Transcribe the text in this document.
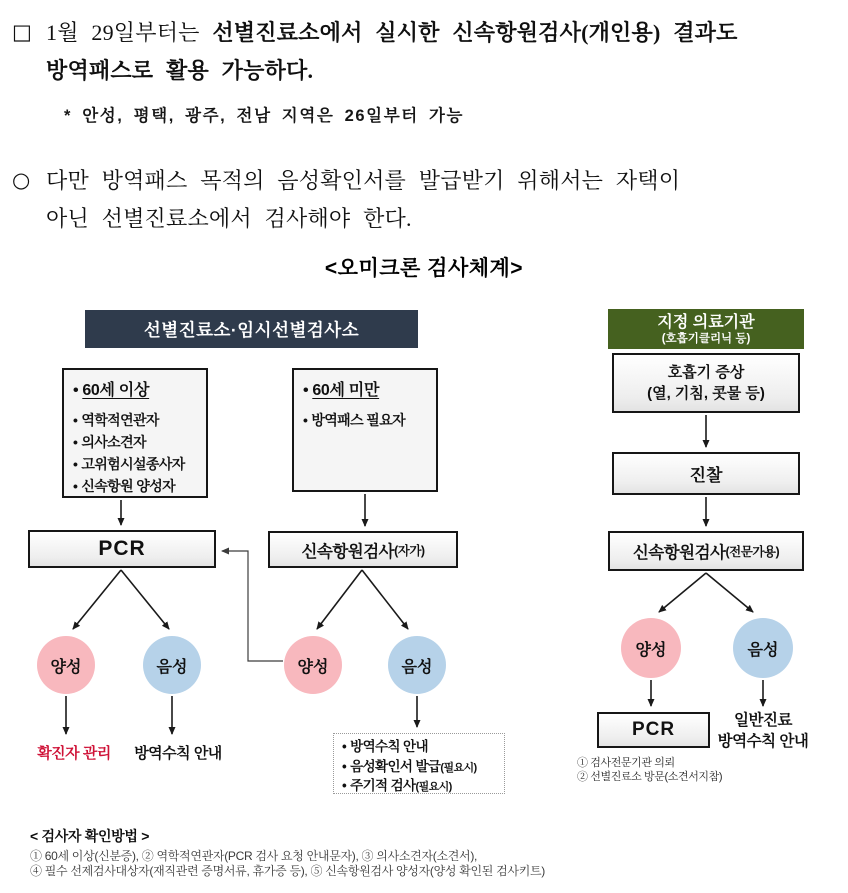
□ 1월 29일부터는 선별진료소에서 실시한 신속항원검사(개인용) 결과도
방역패스로 활용 가능하다.
* 안성, 평택, 광주, 전남 지역은 26일부터 가능
○ 다만 방역패스 목적의 음성확인서를 발급받기 위해서는 자택이
아닌 선별진료소에서 검사해야 한다.
<오미크론 검사체계>
선별진료소·임시선별검사소	지정 의료기관
(호흡기클리닉 등)
• 60세 이상
• 역학적연관자
• 의사소견자
• 고위험시설종사자
• 신속항원 양성자
• 60세 미만
• 방역패스 필요자
PCR	신속항원검사 (자가)
호흡기 증상
(열, 기침, 콧물 등)
진찰
신속항원검사 (전문가용)
양성	음성	양성	음성
양성	음성
확진자 관리	방역수칙 안내	• 방역수칙 안내
• 음성확인서 발급(필요시)
• 주기적 검사(필요시)
PCR	일반진료
방역수칙 안내
① 검사전문기관 의뢰
② 선별진료소 방문(소견서지참)
< 검사자 확인방법 >
① 60세 이상(신분증), ② 역학적연관자(PCR 검사 요청 안내문자), ③ 의사소견자(소견서),
④ 필수 선제검사대상자(재직관련 증명서류, 휴가증 등), ⑤ 신속항원검사 양성자(양성 확인된 검사키트)
